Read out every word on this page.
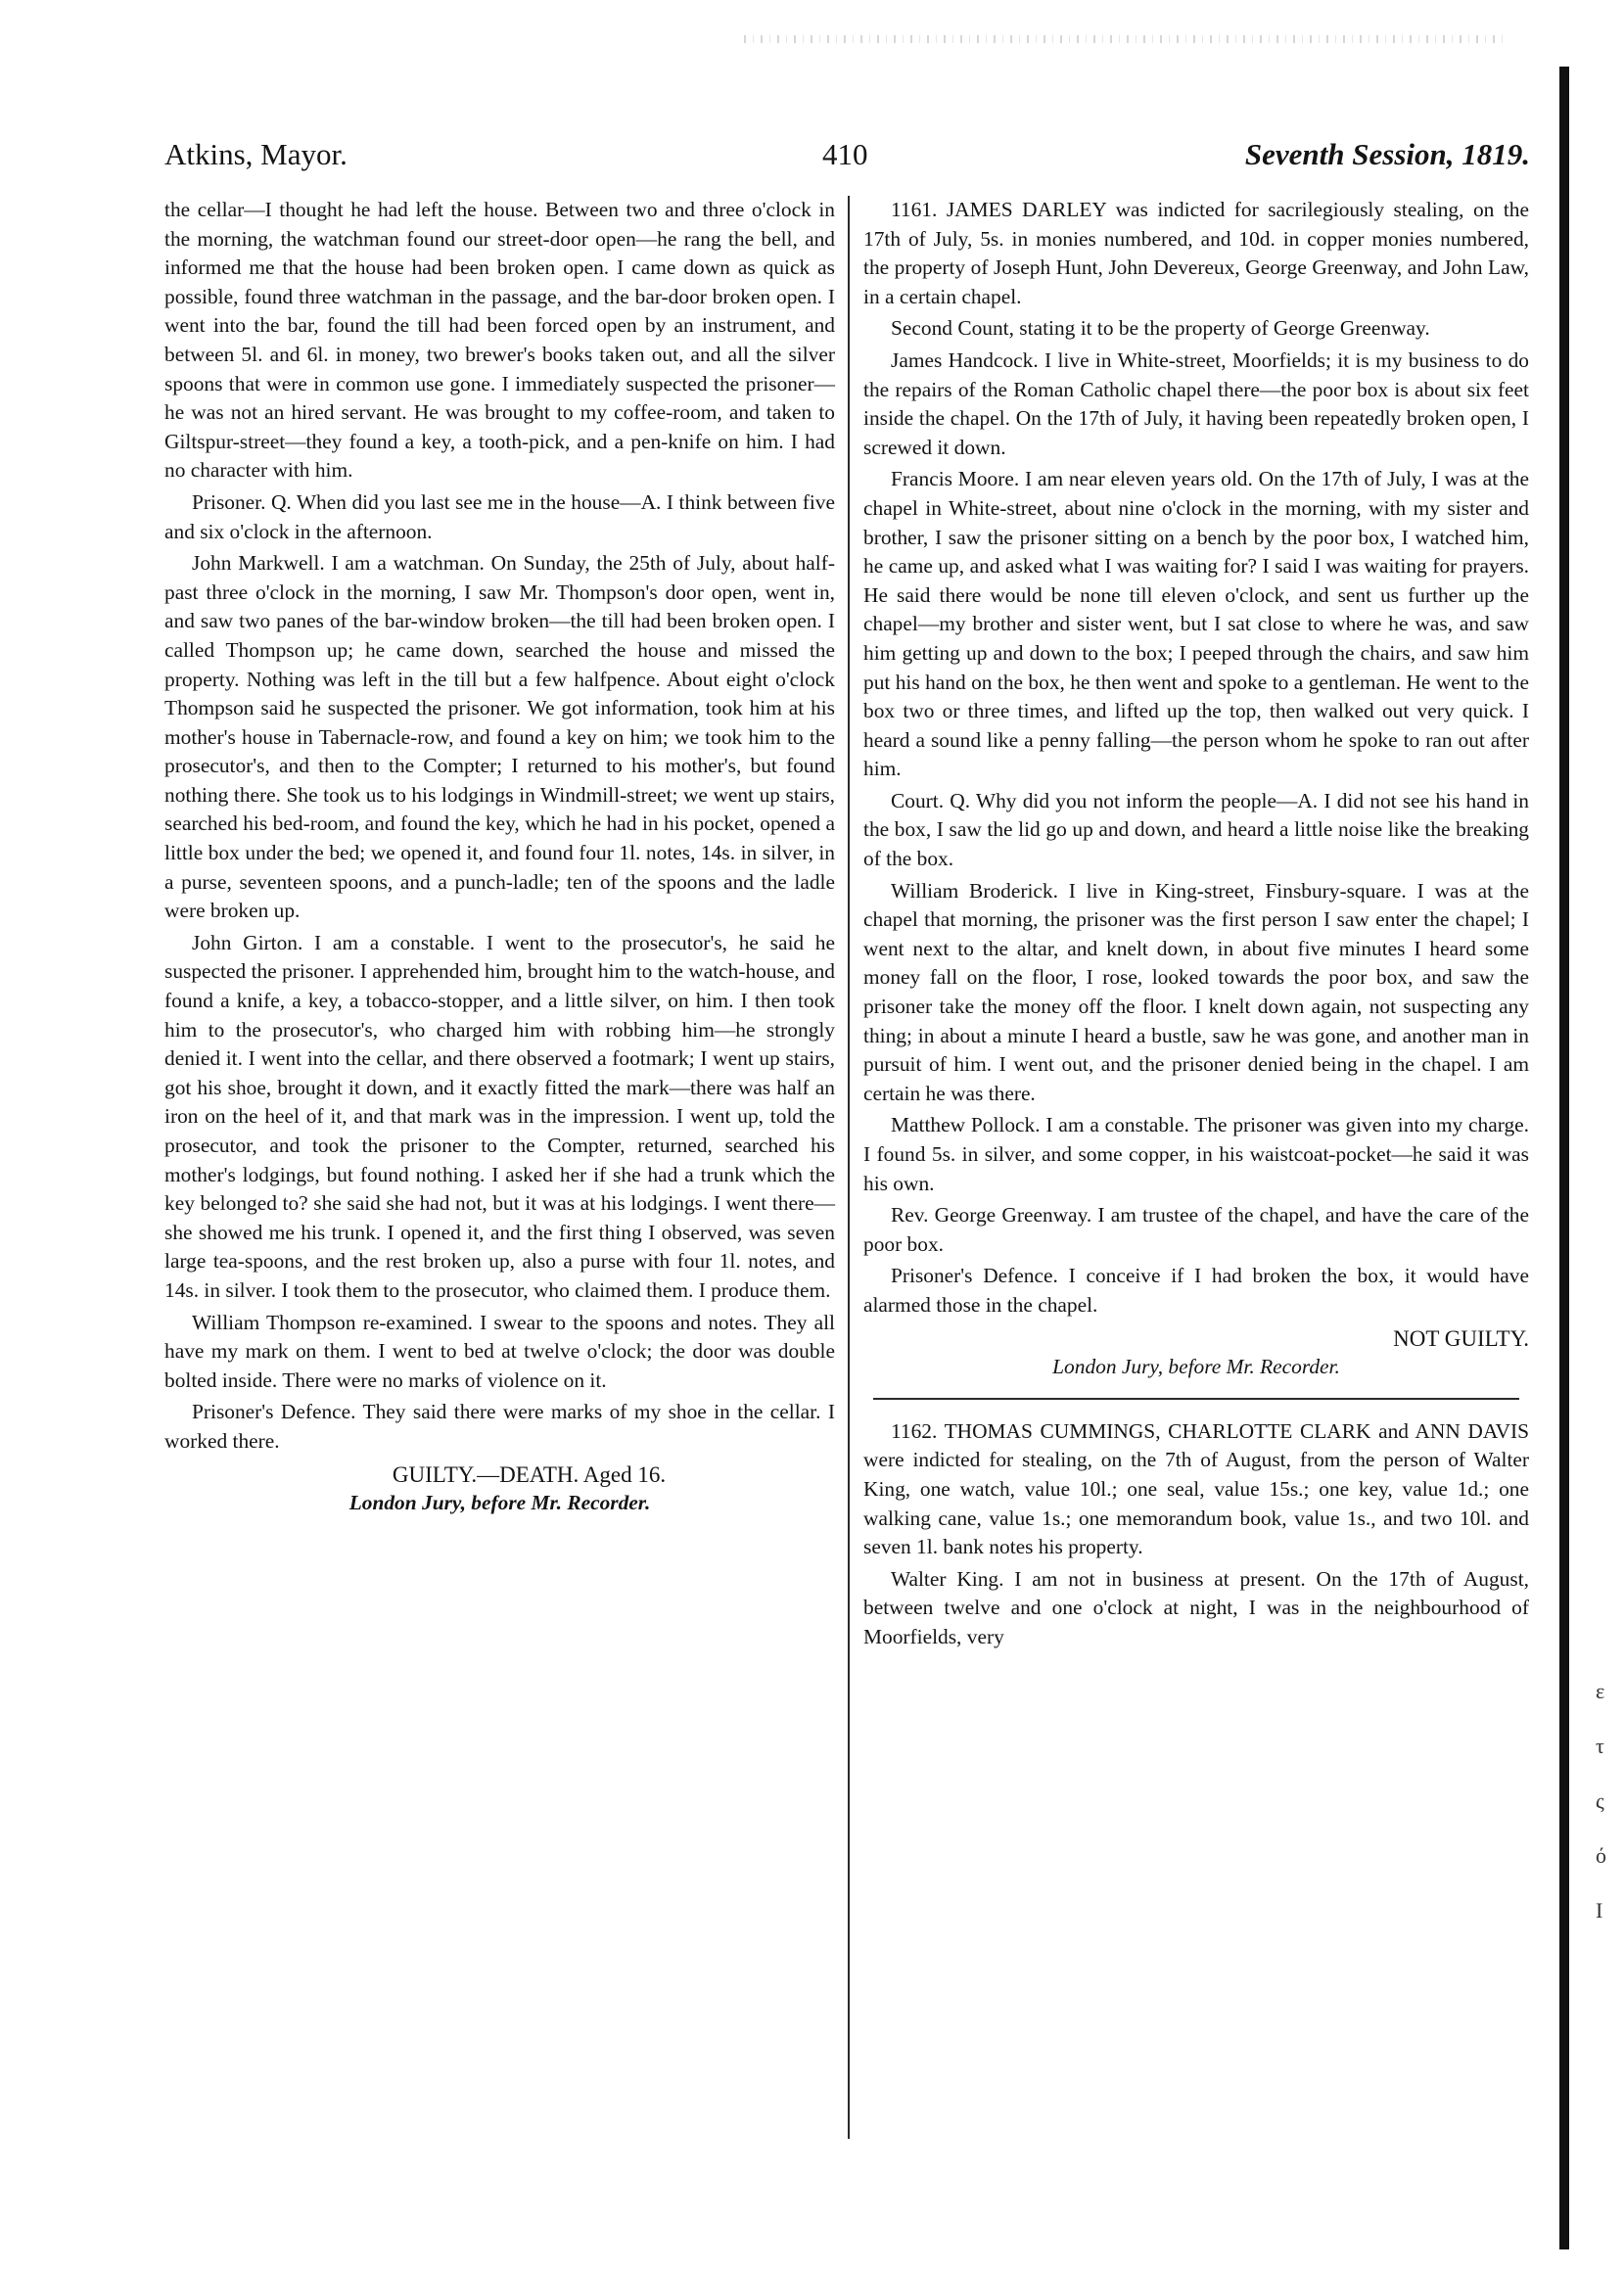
Atkins, Mayor.	410	Seventh Session, 1819.

the cellar—I thought he had left the house. Between two and three o'clock in the morning, the watchman found our street-door open—he rang the bell, and informed me that the house had been broken open. I came down as quick as possible, found three watchman in the passage, and the bar-door broken open. I went into the bar, found the till had been forced open by an instrument, and between 5l. and 6l. in money, two brewer's books taken out, and all the silver spoons that were in common use gone. I immediately suspected the prisoner—he was not an hired servant. He was brought to my coffee-room, and taken to Giltspur-street—they found a key, a tooth-pick, and a pen-knife on him. I had no character with him.

Prisoner. Q. When did you last see me in the house—A. I think between five and six o'clock in the afternoon.

John Markwell. I am a watchman. On Sunday, the 25th of July, about half-past three o'clock in the morning, I saw Mr. Thompson's door open, went in, and saw two panes of the bar-window broken—the till had been broken open. I called Thompson up; he came down, searched the house and missed the property. Nothing was left in the till but a few halfpence. About eight o'clock Thompson said he suspected the prisoner. We got information, took him at his mother's house in Tabernacle-row, and found a key on him; we took him to the prosecutor's, and then to the Compter; I returned to his mother's, but found nothing there. She took us to his lodgings in Windmill-street; we went up stairs, searched his bed-room, and found the key, which he had in his pocket, opened a little box under the bed; we opened it, and found four 1l. notes, 14s. in silver, in a purse, seventeen spoons, and a punch-ladle; ten of the spoons and the ladle were broken up.

John Girton. I am a constable. I went to the prosecutor's, he said he suspected the prisoner. I apprehended him, brought him to the watch-house, and found a knife, a key, a tobacco-stopper, and a little silver, on him. I then took him to the prosecutor's, who charged him with robbing him—he strongly denied it. I went into the cellar, and there observed a footmark; I went up stairs, got his shoe, brought it down, and it exactly fitted the mark—there was half an iron on the heel of it, and that mark was in the impression. I went up, told the prosecutor, and took the prisoner to the Compter, returned, searched his mother's lodgings, but found nothing. I asked her if she had a trunk which the key belonged to? she said she had not, but it was at his lodgings. I went there—she showed me his trunk. I opened it, and the first thing I observed, was seven large tea-spoons, and the rest broken up, also a purse with four 1l. notes, and 14s. in silver. I took them to the prosecutor, who claimed them. I produce them.

William Thompson re-examined. I swear to the spoons and notes. They all have my mark on them. I went to bed at twelve o'clock; the door was double bolted inside. There were no marks of violence on it.

Prisoner's Defence. They said there were marks of my shoe in the cellar. I worked there.

GUILTY.—DEATH. Aged 16.

London Jury, before Mr. Recorder.

1161. JAMES DARLEY was indicted for sacrilegiously stealing, on the 17th of July, 5s. in monies numbered, and 10d. in copper monies numbered, the property of Joseph Hunt, John Devereux, George Greenway, and John Law, in a certain chapel.

Second Count, stating it to be the property of George Greenway.

James Handcock. I live in White-street, Moorfields; it is my business to do the repairs of the Roman Catholic chapel there—the poor box is about six feet inside the chapel. On the 17th of July, it having been repeatedly broken open, I screwed it down.

Francis Moore. I am near eleven years old. On the 17th of July, I was at the chapel in White-street, about nine o'clock in the morning, with my sister and brother, I saw the prisoner sitting on a bench by the poor box, I watched him, he came up, and asked what I was waiting for? I said I was waiting for prayers. He said there would be none till eleven o'clock, and sent us further up the chapel—my brother and sister went, but I sat close to where he was, and saw him getting up and down to the box; I peeped through the chairs, and saw him put his hand on the box, he then went and spoke to a gentleman. He went to the box two or three times, and lifted up the top, then walked out very quick. I heard a sound like a penny falling—the person whom he spoke to ran out after him.

Court. Q. Why did you not inform the people—A. I did not see his hand in the box, I saw the lid go up and down, and heard a little noise like the breaking of the box.

William Broderick. I live in King-street, Finsbury-square. I was at the chapel that morning, the prisoner was the first person I saw enter the chapel; I went next to the altar, and knelt down, in about five minutes I heard some money fall on the floor, I rose, looked towards the poor box, and saw the prisoner take the money off the floor. I knelt down again, not suspecting any thing; in about a minute I heard a bustle, saw he was gone, and another man in pursuit of him. I went out, and the prisoner denied being in the chapel. I am certain he was there.

Matthew Pollock. I am a constable. The prisoner was given into my charge. I found 5s. in silver, and some copper, in his waistcoat-pocket—he said it was his own.

Rev. George Greenway. I am trustee of the chapel, and have the care of the poor box.

Prisoner's Defence. I conceive if I had broken the box, it would have alarmed those in the chapel.

NOT GUILTY.

London Jury, before Mr. Recorder.

1162. THOMAS CUMMINGS, CHARLOTTE CLARK and ANN DAVIS were indicted for stealing, on the 7th of August, from the person of Walter King, one watch, value 10l.; one seal, value 15s.; one key, value 1d.; one walking cane, value 1s.; one memorandum book, value 1s., and two 10l. and seven 1l. bank notes his property.

Walter King. I am not in business at present. On the 17th of August, between twelve and one o'clock at night, I was in the neighbourhood of Moorfields, very

ε
τ
ς
ό
Ι
